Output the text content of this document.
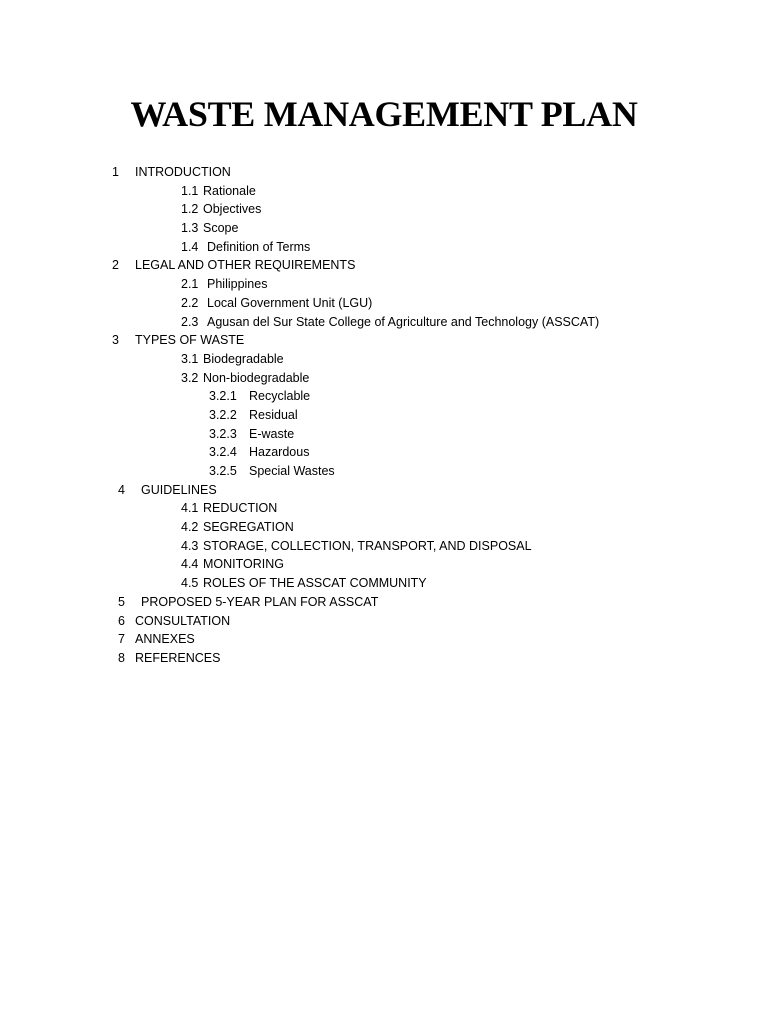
WASTE MANAGEMENT PLAN
1 INTRODUCTION
1.1 Rationale
1.2 Objectives
1.3 Scope
1.4 Definition of Terms
2 LEGAL AND OTHER REQUIREMENTS
2.1 Philippines
2.2 Local Government Unit (LGU)
2.3 Agusan del Sur State College of Agriculture and Technology (ASSCAT)
3 TYPES OF WASTE
3.1 Biodegradable
3.2 Non-biodegradable
3.2.1 Recyclable
3.2.2 Residual
3.2.3 E-waste
3.2.4 Hazardous
3.2.5 Special Wastes
4 GUIDELINES
4.1 REDUCTION
4.2 SEGREGATION
4.3 STORAGE, COLLECTION, TRANSPORT, AND DISPOSAL
4.4 MONITORING
4.5 ROLES OF THE ASSCAT COMMUNITY
5 PROPOSED 5-YEAR PLAN FOR ASSCAT
6 CONSULTATION
7 ANNEXES
8 REFERENCES
